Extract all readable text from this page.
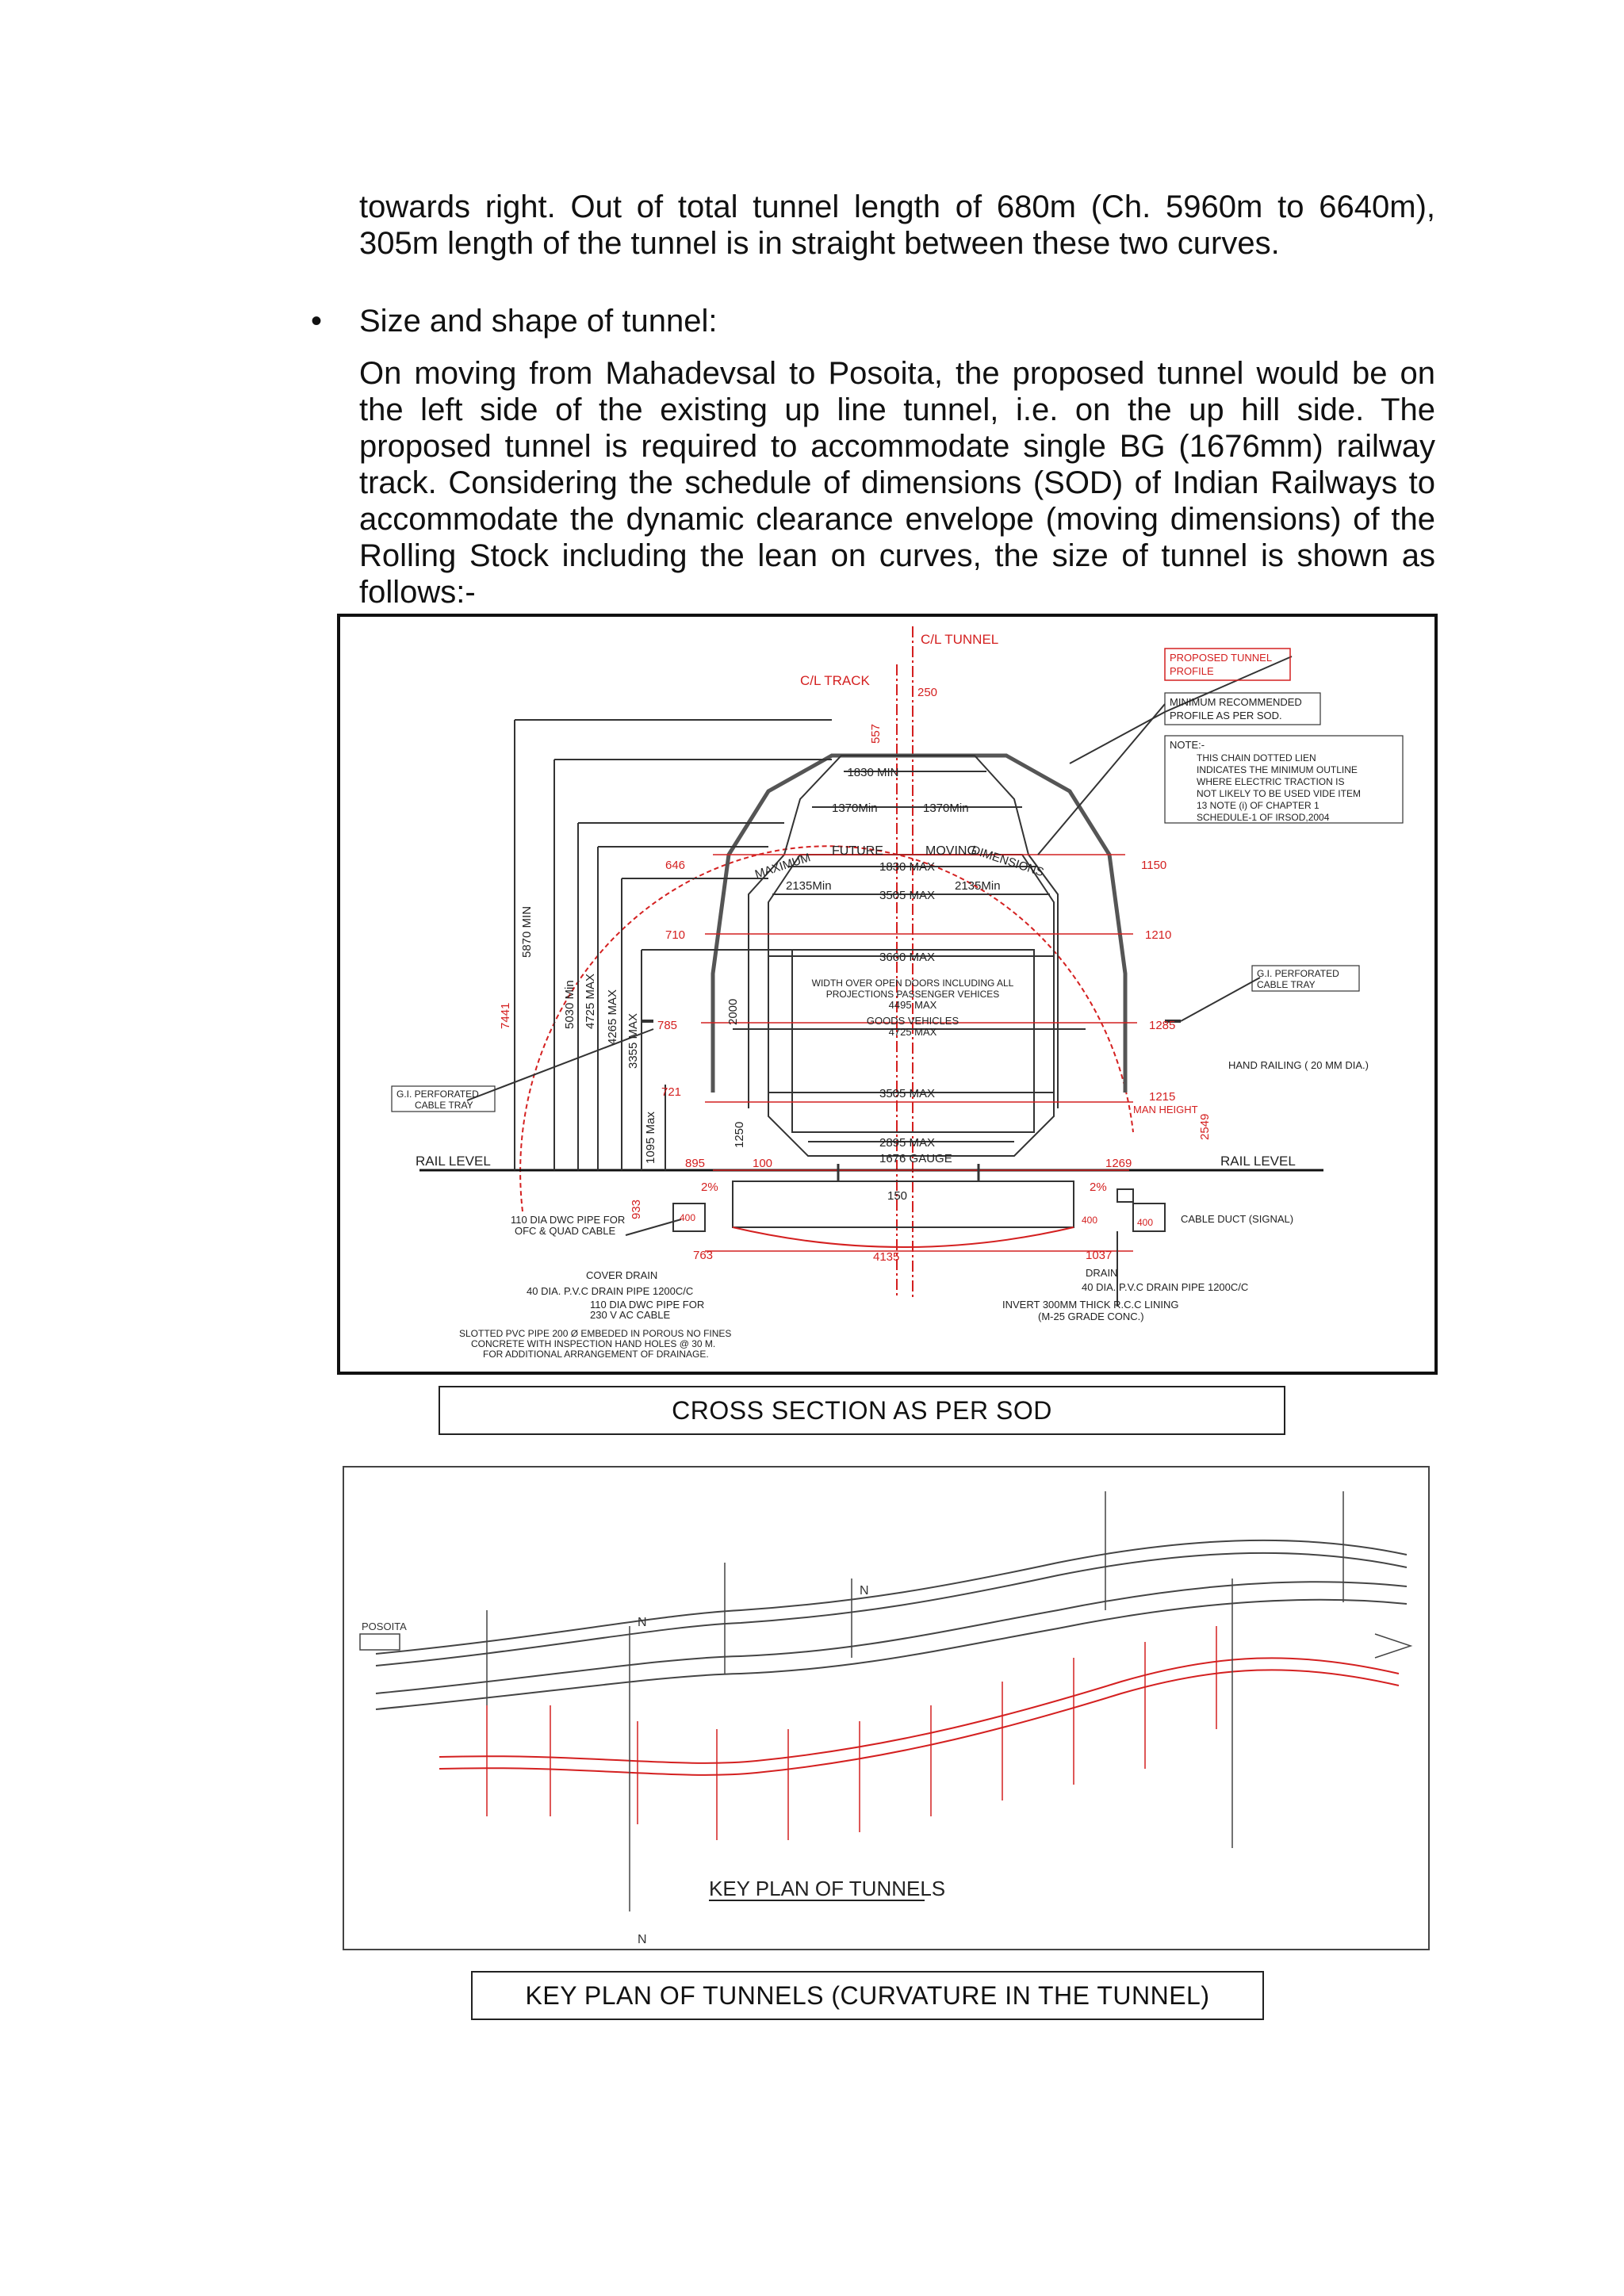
towards right. Out of total tunnel length of 680m (Ch. 5960m to 6640m), 305m length of the tunnel is in straight between these two curves.

• Size and shape of tunnel:

On moving from Mahadevsal to Posoita, the proposed tunnel would be on the left side of the existing up line tunnel, i.e. on the up hill side. The proposed tunnel is required to accommodate single BG (1676mm) railway track. Considering the schedule of dimensions (SOD) of Indian Railways to accommodate the dynamic clearance envelope (moving dimensions) of the Rolling Stock including the lean on curves, the size of tunnel is shown as follows:-

C/L TUNNEL
C/L TRACK
250
PROPOSED TUNNEL
PROFILE
MINIMUM RECOMMENDED
PROFILE AS PER SOD.
NOTE:-
THIS CHAIN DOTTED LIEN
INDICATES THE MINIMUM OUTLINE
WHERE ELECTRIC TRACTION IS
NOT LIKELY TO BE USED VIDE ITEM
13 NOTE (i) OF CHAPTER 1
SCHEDULE-1 OF IRSOD,2004
557
1830 MIN
1370Min	1370Min
MAXIMUM FUTURE	MOVING
DIMENSIONS
1830 MAX
646	1150
2135Min	2135Min
3505 MAX
710	1210
3660 MAX
G.I. PERFORATED
CABLE TRAY
WIDTH OVER OPEN DOORS INCLUDING ALL
PROJECTIONS PASSENGER VEHICES
4495 MAX
GOODS VEHICLES
4725 MAX
785	1285
2000
5870 MIN
7441	5030 Min 4725 MAX 4265 MAX 3355 MAX	HAND RAILING ( 20 MM DIA.)
G.I. PERFORATED
CABLE TRAY
721	3505 MAX	1215
MAN HEIGHT
2549
1095 Max	1250	2895 MAX
1676 GAUGE
RAIL LEVEL	RAIL LEVEL
895	100	1269
2%	2%
150
933
110 DIA DWC PIPE FOR
OFC & QUAD CABLE
400	400	400	CABLE DUCT (SIGNAL)
763	4135	1037
COVER DRAIN	DRAIN
40 DIA. P.V.C DRAIN PIPE 1200C/C	40 DIA. P.V.C DRAIN PIPE 1200C/C
110 DIA DWC PIPE FOR
230 V AC CABLE
INVERT 300MM THICK R.C.C LINING
(M-25 GRADE CONC.)
SLOTTED PVC PIPE 200 Ø EMBEDED IN POROUS NO FINES
CONCRETE WITH INSPECTION HAND HOLES @ 30 M.
FOR ADDITIONAL ARRANGEMENT OF DRAINAGE.
CROSS SECTION AS PER SOD
POSOITA	N
N
N
KEY PLAN OF TUNNELS
KEY PLAN OF TUNNELS (CURVATURE IN THE TUNNEL)
